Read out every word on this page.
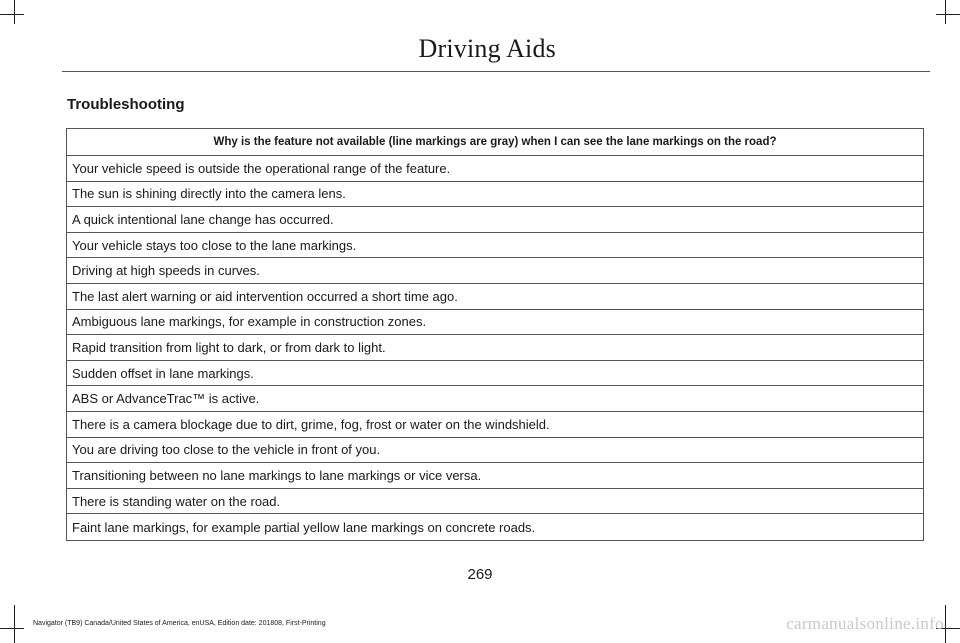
Driving Aids
Troubleshooting
Why is the feature not available (line markings are gray) when I can see the lane markings on the road?
Your vehicle speed is outside the operational range of the feature.
The sun is shining directly into the camera lens.
A quick intentional lane change has occurred.
Your vehicle stays too close to the lane markings.
Driving at high speeds in curves.
The last alert warning or aid intervention occurred a short time ago.
Ambiguous lane markings, for example in construction zones.
Rapid transition from light to dark, or from dark to light.
Sudden offset in lane markings.
ABS or AdvanceTrac™ is active.
There is a camera blockage due to dirt, grime, fog, frost or water on the windshield.
You are driving too close to the vehicle in front of you.
Transitioning between no lane markings to lane markings or vice versa.
There is standing water on the road.
Faint lane markings, for example partial yellow lane markings on concrete roads.
269
Navigator (TB9) Canada/United States of America, enUSA, Edition date: 201808, First-Printing	carmanualsonline.info
